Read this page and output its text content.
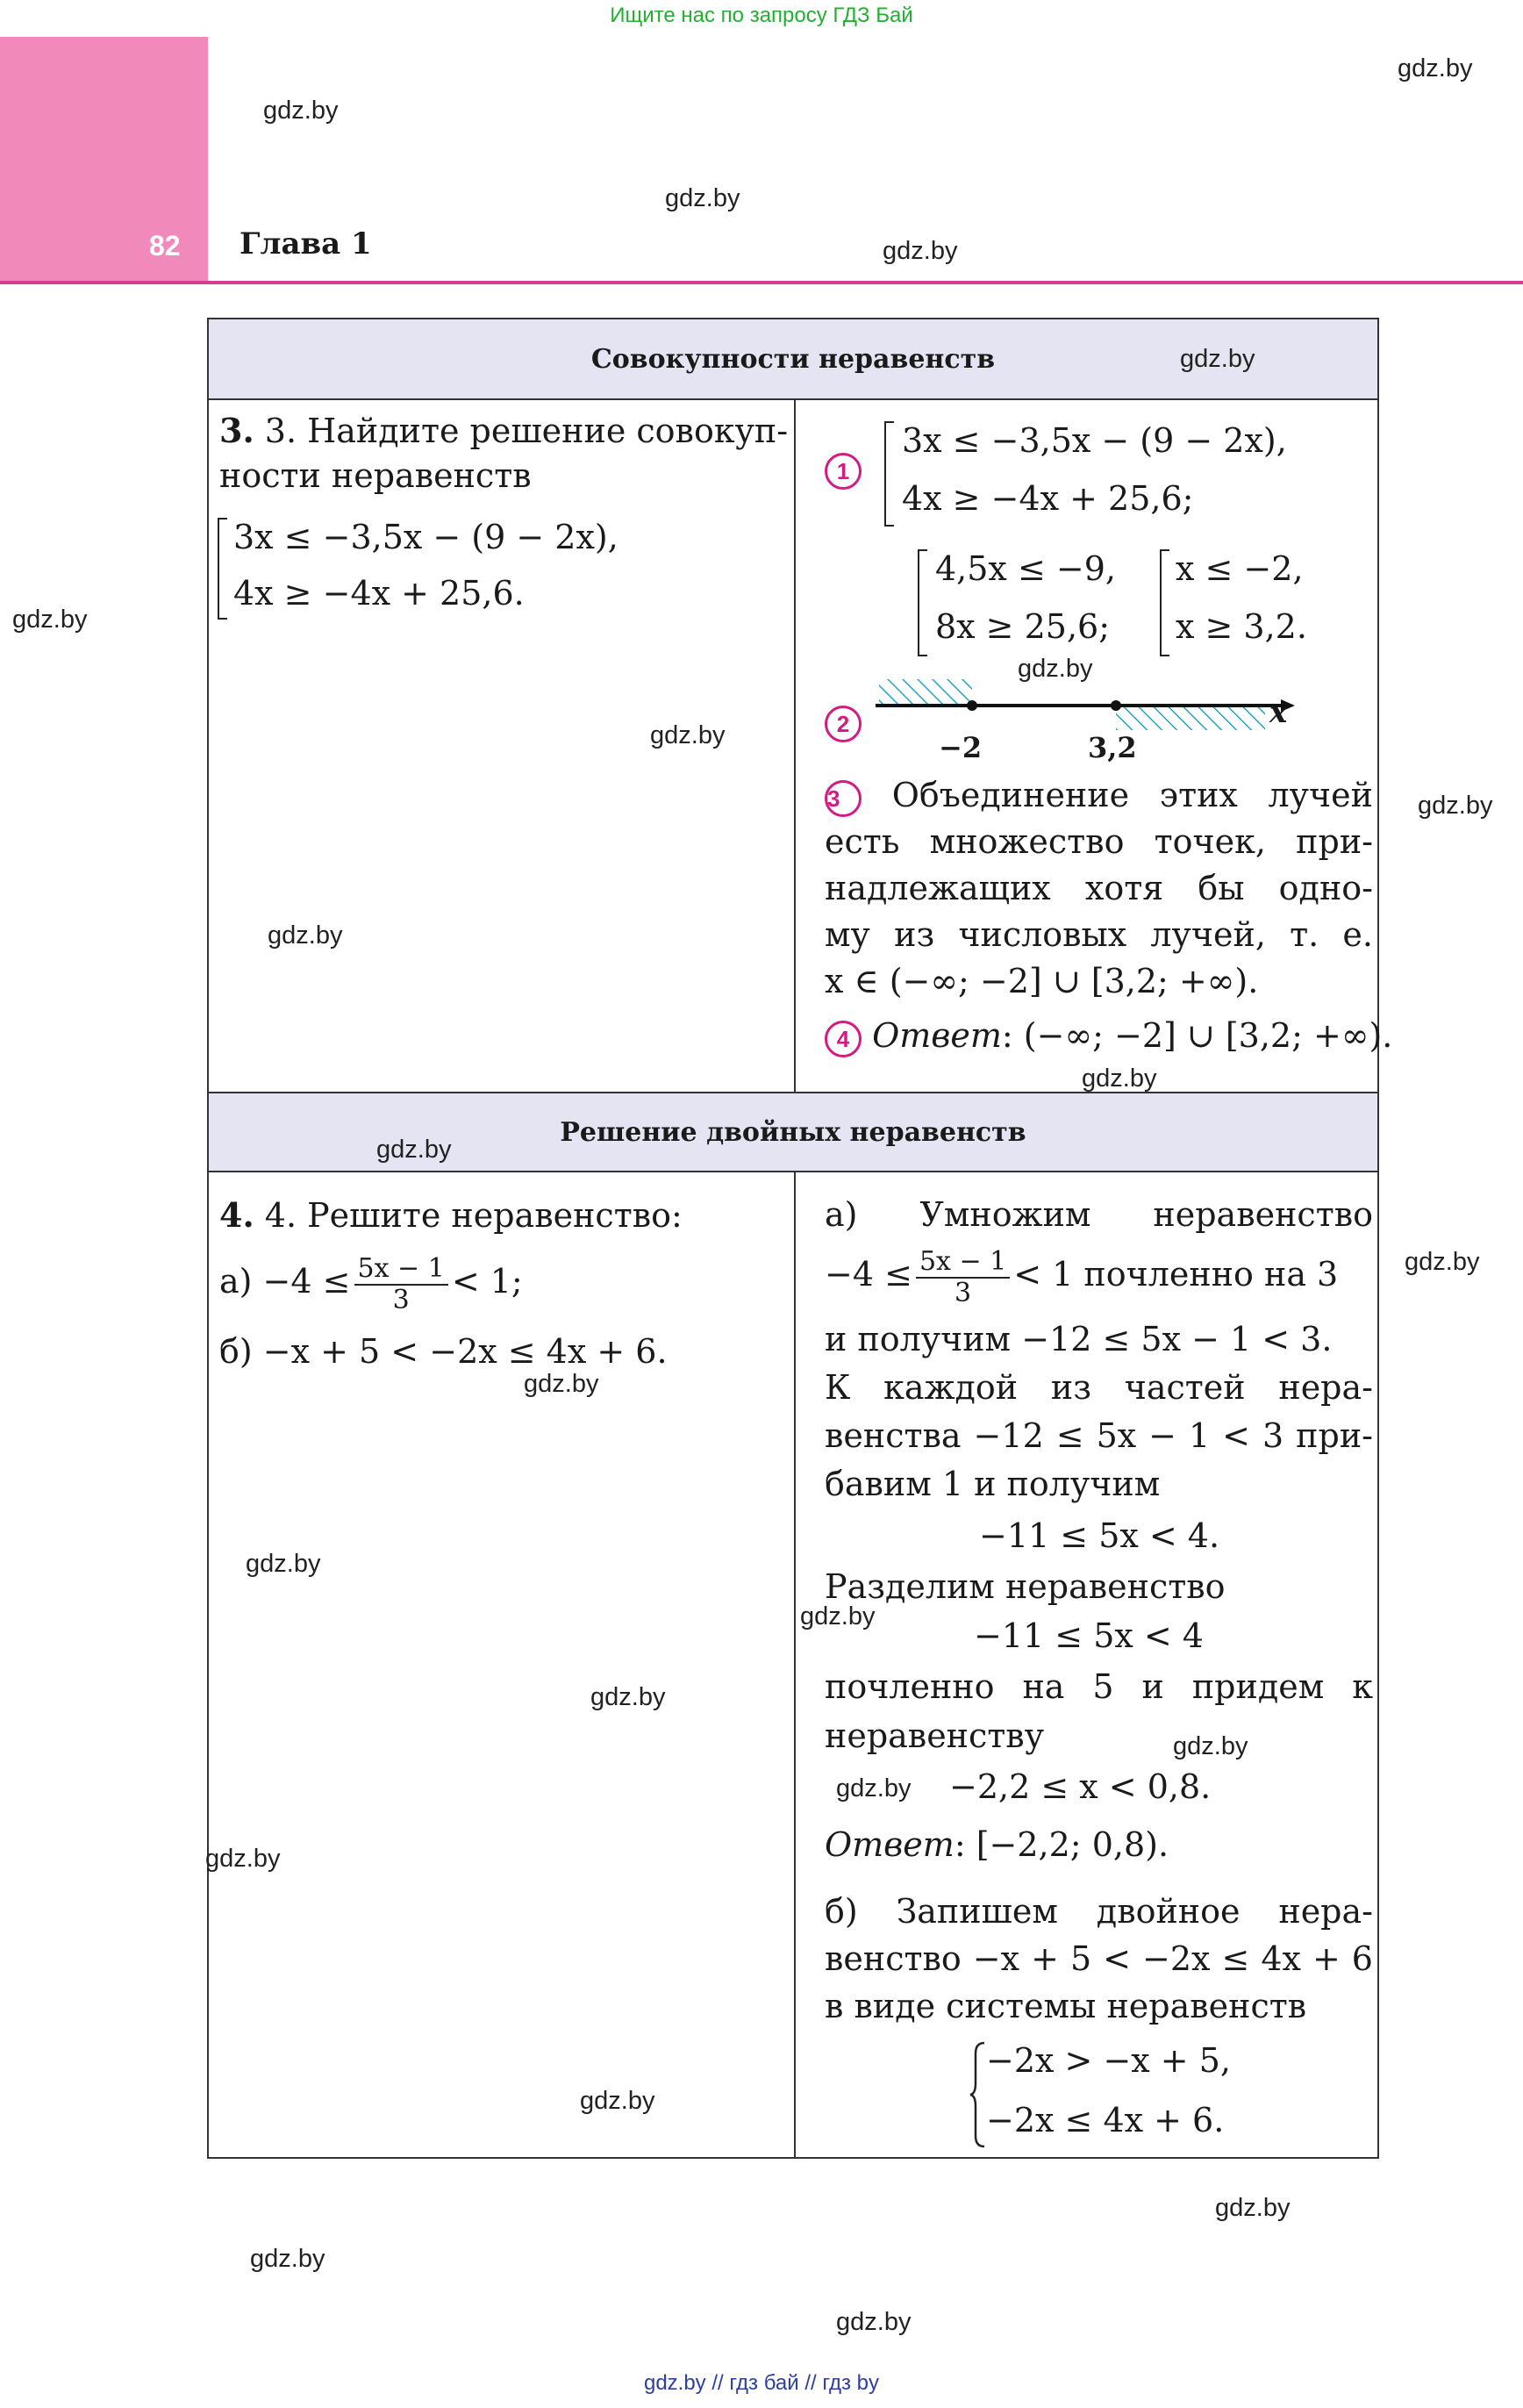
Ищите нас по запросу ГДЗ Бай
82 Глава 1
gdz.by
gdz.by
gdz.by
gdz.by
Совокупности неравенств
Решение двойных неравенств
3. 3. Найдите решение совокуп-
ности неравенств
3x ≤ −3,5x − (9 − 2x),
4x ≥ −4x + 25,6.
1
3x ≤ −3,5x − (9 − 2x),
4x ≥ −4x + 25,6;
4,5x ≤ −9,
8x ≥ 25,6;
x ≤ −2,
x ≥ 3,2.
2	x
−2	3,2
3 Объединение этих лучей
есть множество точек, при-
надлежащих хотя бы одно-
му из числовых лучей, т. е.
x ∈ (−∞; −2] ∪ [3,2; +∞).
4 Ответ: (−∞; −2] ∪ [3,2; +∞).
4. 4. Решите неравенство:
$а) -4 \le \frac{5x - 1}{3} < 1$;
б) −x + 5 < −2x ≤ 4x + 6.
а) Умножим неравенство
$-4 \le \frac{5x - 1}{3} < 1$ почленно на 3
и получим −12 ≤ 5x − 1 < 3.
К каждой из частей нера-
венства −12 ≤ 5x − 1 < 3 при-
бавим 1 и получим
−11 ≤ 5x < 4.
Разделим неравенство
−11 ≤ 5x < 4
почленно на 5 и придем к
неравенству
−2,2 ≤ x < 0,8.
Ответ: [−2,2; 0,8).
б) Запишем двойное нера-
венство −x + 5 < −2x ≤ 4x + 6
в виде системы неравенств
−2x > −x + 5,
−2x ≤ 4x + 6.
gdz.by
gdz.by
gdz.by
gdz.by
gdz.by
gdz.by
gdz.by
gdz.by
gdz.by
gdz.by
gdz.by
gdz.by
gdz.by
gdz.by
gdz.by
gdz.by
gdz.by
gdz.by
gdz.by
gdz.by
gdz.by // гдз бай // гдз by
